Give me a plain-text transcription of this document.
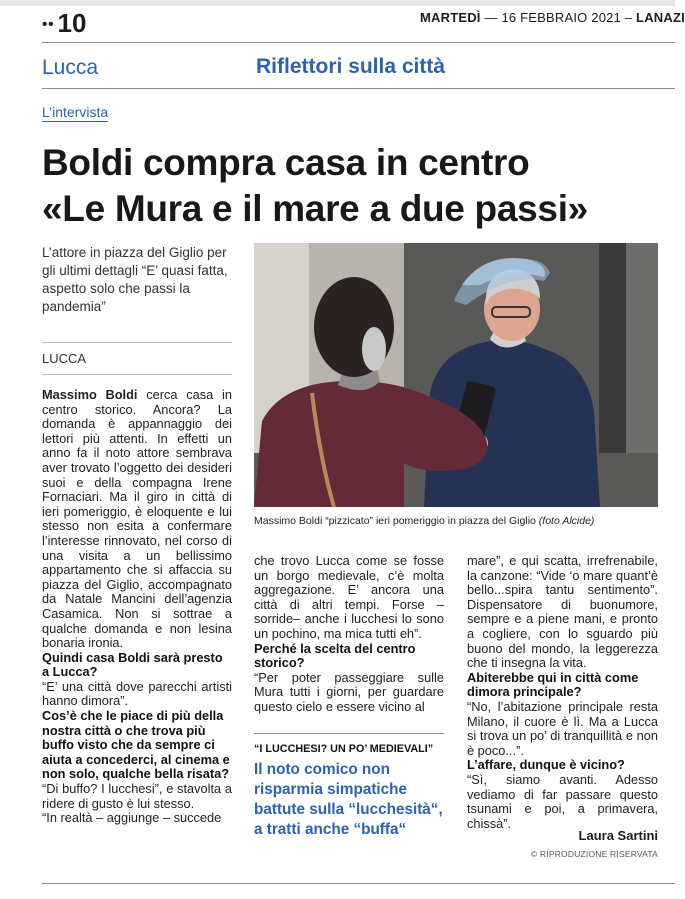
•• 10	MARTEDÌ — 16 FEBBRAIO 2021 – LANAZI
Lucca	Riflettori sulla città
L’intervista
Boldi compra casa in centro
«Le Mura e il mare a due passi»
L’attore in piazza del Giglio per gli ultimi dettagli “E’ quasi fatta, aspetto solo che passi la pandemia”
LUCCA

Massimo Boldi cerca casa in centro storico. Ancora? La domanda è appannaggio dei lettori più attenti. In effetti un anno fa il noto attore sembrava aver trovato l’oggetto dei desideri suoi e della compagna Irene Fornaciari. Ma il giro in città di ieri pomeriggio, è eloquente e lui stesso non esita a confermare l’interesse rinnovato, nel corso di una visita a un bellissimo appartamento che si affaccia su piazza del Giglio, accompagnato da Natale Mancini dell’agenzia Casamica. Non si sottrae a qualche domanda e non lesina bonaria ironia.

Quindi casa Boldi sarà presto a Lucca?

“E’ una città dove parecchi artisti hanno dimora”.

Cos’è che le piace di più della nostra città o che trova più buffo visto che da sempre ci aiuta a concederci, al cinema e non solo, qualche bella risata?

“Di buffo? I lucchesi”, e stavolta a ridere di gusto è lui stesso.

“In realtà – aggiunge – succede

Massimo Boldi “pizzicato” ieri pomeriggio in piazza del Giglio (foto Alcide)

che trovo Lucca come se fosse un borgo medievale, c’è molta aggregazione. E’ ancora una città di altri tempi. Forse – sorride– anche i lucchesi lo sono un pochino, ma mica tutti eh”.

Perché la scelta del centro storico?

“Per poter passeggiare sulle Mura tutti i giorni, per guardare questo cielo e essere vicino al

“I LUCCHESI? UN PO’ MEDIEVALI”
Il noto comico non risparmia simpatiche battute sulla “lucchesità“, a tratti anche “buffa“

mare”, e qui scatta, irrefrenabile, la canzone: “Vide ‘o mare quant’è bello...spira tantu sentimento”. Dispensatore di buonumore, sempre e a piene mani, e pronto a cogliere, con lo sguardo più buono del mondo, la leggerezza che ti insegna la vita.

Abiterebbe qui in città come dimora principale?

“No, l’abitazione principale resta Milano, il cuore è lì. Ma a Lucca si trova un po’ di tranquillità e non è poco...”.

L’affare, dunque è vicino?

“Sì, siamo avanti. Adesso vediamo di far passare questo tsunami e poi, a primavera, chissà”.

Laura Sartini
© RIPRODUZIONE RISERVATA
